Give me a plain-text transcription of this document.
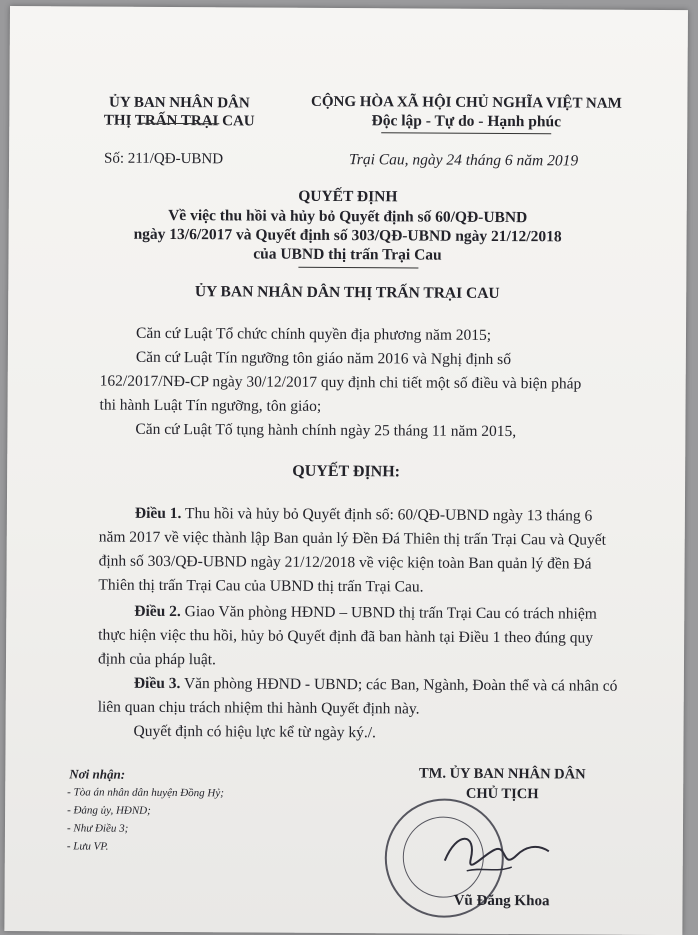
ỦY BAN NHÂN DÂN
THỊ TRẤN TRẠI CAU
Số: 211/QĐ-UBND
CỘNG HÒA XÃ HỘI CHỦ NGHĨA VIỆT NAM
Độc lập - Tự do - Hạnh phúc
Trại Cau, ngày 24 tháng 6 năm 2019
QUYẾT ĐỊNH
Về việc thu hồi và hủy bỏ Quyết định số 60/QĐ-UBND
ngày 13/6/2017 và Quyết định số 303/QĐ-UBND ngày 21/12/2018
của UBND thị trấn Trại Cau
ỦY BAN NHÂN DÂN THỊ TRẤN TRẠI CAU
Căn cứ Luật Tổ chức chính quyền địa phương năm 2015;
Căn cứ Luật Tín ngưỡng tôn giáo năm 2016 và Nghị định số
162/2017/NĐ-CP ngày 30/12/2017 quy định chi tiết một số điều và biện pháp
thi hành Luật Tín ngưỡng, tôn giáo;
Căn cứ Luật Tố tụng hành chính ngày 25 tháng 11 năm 2015,
QUYẾT ĐỊNH:
Điều 1. Thu hồi và hủy bỏ Quyết định số: 60/QĐ-UBND ngày 13 tháng 6
năm 2017 về việc thành lập Ban quản lý Đền Đá Thiên thị trấn Trại Cau và Quyết
định số 303/QĐ-UBND ngày 21/12/2018 về việc kiện toàn Ban quản lý đền Đá
Thiên thị trấn Trại Cau của UBND thị trấn Trại Cau.
Điều 2. Giao Văn phòng HĐND – UBND thị trấn Trại Cau có trách nhiệm
thực hiện việc thu hồi, hủy bỏ Quyết định đã ban hành tại Điều 1 theo đúng quy
định của pháp luật.
Điều 3. Văn phòng HĐND - UBND; các Ban, Ngành, Đoàn thể và cá nhân có
liên quan chịu trách nhiệm thi hành Quyết định này.
Quyết định có hiệu lực kể từ ngày ký./.
Nơi nhận:
- Tòa án nhân dân huyện Đồng Hỷ;
- Đảng ủy, HĐND;
- Như Điều 3;
- Lưu VP.
TM. ỦY BAN NHÂN DÂN
CHỦ TỊCH
Vũ Đăng Khoa
